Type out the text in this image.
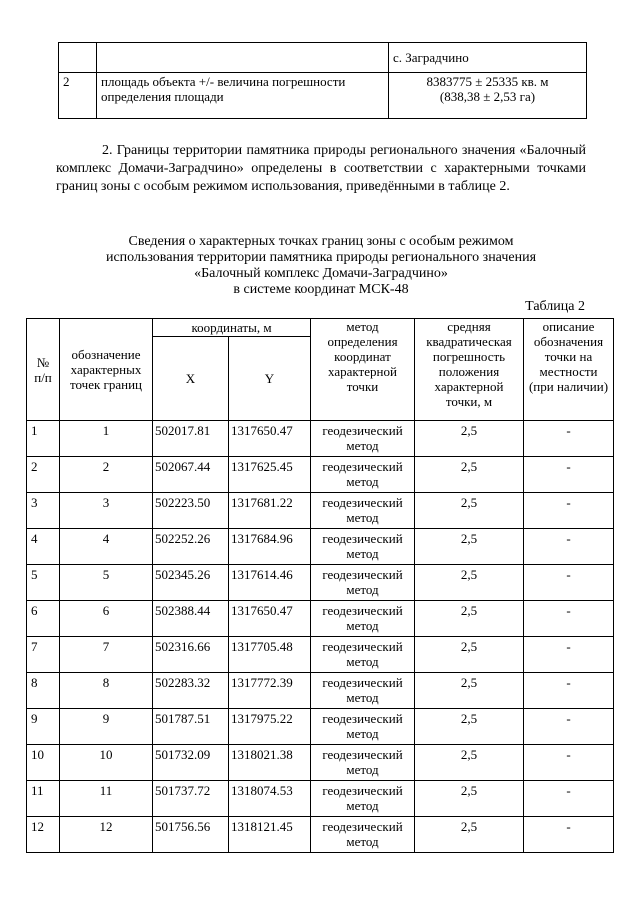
		с. Заградчино
2	площадь объекта +/- величина погрешности определения площади	8383775 ± 25335 кв. м
(838,38 ± 2,53 га)

2. Границы территории памятника природы регионального значения «Балочный комплекс Домачи-Заградчино» определены в соответствии с характерными точками границ зоны с особым режимом использования, приведёнными в таблице 2.

Сведения о характерных точках границ зоны с особым режимом
использования территории памятника природы регионального значения
«Балочный комплекс Домачи-Заградчино»
в системе координат МСК-48
Таблица 2
№
п/п	обозначение характерных точек границ	координаты, м		метод определения координат характерной точки	средняя квадратическая погрешность положения характерной точки, м	описание обозначения точки на местности (при наличии)
		X	Y			
1	1	502017.81	1317650.47	геодезический метод	2,5	-
2	2	502067.44	1317625.45	геодезический метод	2,5	-
3	3	502223.50	1317681.22	геодезический метод	2,5	-
4	4	502252.26	1317684.96	геодезический метод	2,5	-
5	5	502345.26	1317614.46	геодезический метод	2,5	-
6	6	502388.44	1317650.47	геодезический метод	2,5	-
7	7	502316.66	1317705.48	геодезический метод	2,5	-
8	8	502283.32	1317772.39	геодезический метод	2,5	-
9	9	501787.51	1317975.22	геодезический метод	2,5	-
10	10	501732.09	1318021.38	геодезический метод	2,5	-
11	11	501737.72	1318074.53	геодезический метод	2,5	-
12	12	501756.56	1318121.45	геодезический метод	2,5	-
